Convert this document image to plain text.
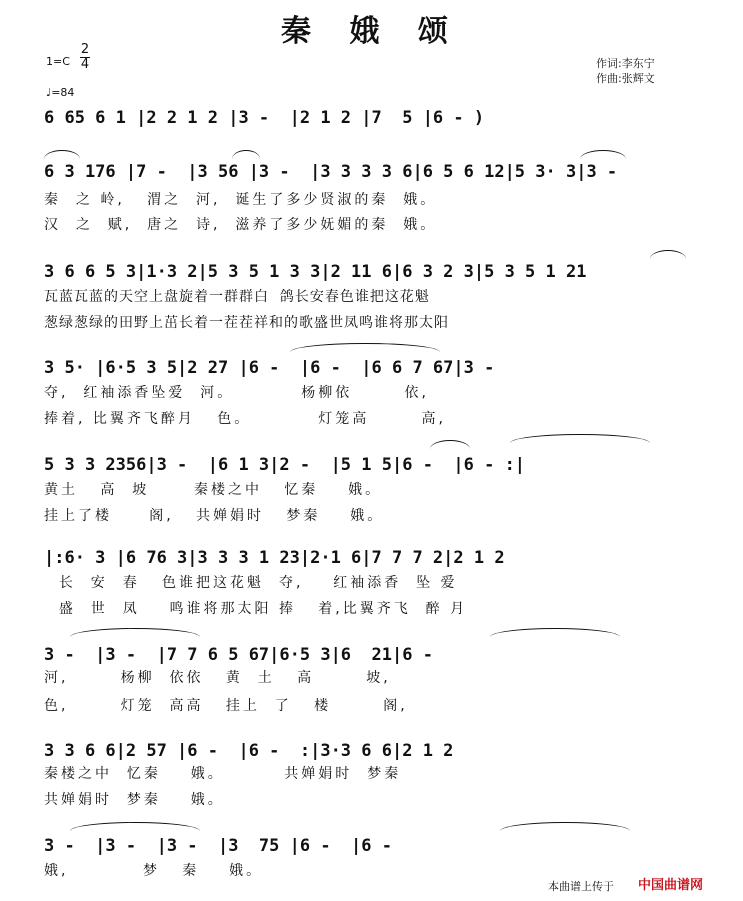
秦 娥 颂
1=C
2
4
♩=84
作词:李东宁
作曲:张辉文
6 65 6 1 |2 2 1 2 |3 -  |2 1 2 |7  5 |6 - )
6 3 176 |7 -  |3 56 |3 -  |3 3 3 3 6|6 5 6 12|5 3· 3|3 -
秦  之 岭,   渭之  河,  诞生了多少贤淑的秦  娥。
汉  之  赋,  唐之  诗,  滋养了多少妩媚的秦  娥。
3 6 6 5 3|1·3 2|5 3 5 1 3 3|2 11 6|6 3 2 3|5 3 5 1 21
瓦蓝瓦蓝的天空上盘旋着一群群白  鸽长安春色谁把这花魁
葱绿葱绿的田野上茁长着一茬茬祥和的歌盛世凤鸣谁将那太阳
3 5· |6·5 3 5|2 27 |6 -  |6 -  |6 6 7 67|3 -
夺,  红袖添香坠爱  河。         杨柳依       依,
捧着, 比翼齐飞醉月   色。         灯笼高       高,
5 3 3 2356|3 -  |6 1 3|2 -  |5 1 5|6 -  |6 - :|
黄土   高  坡      秦楼之中   忆秦    娥。
挂上了楼     阁,   共婵娟时   梦秦    娥。
|:6· 3 |6 76 3|3 3 3 1 23|2·1 6|7 7 7 2|2 1 2
长  安  春   色谁把这花魁  夺,    红袖添香  坠 爱
盛  世  凤    鸣谁将那太阳 捧   着,比翼齐飞  醉 月
3 -  |3 -  |7 7 6 5 67|6·5 3|6  21|6 -
河,       杨柳  依依   黄  土   高       坡,
色,       灯笼  高高   挂上  了   楼       阁,
3 3 6 6|2 57 |6 -  |6 -  :|3·3 6 6|2 1 2
秦楼之中  忆秦    娥。        共婵娟时  梦秦
共婵娟时  梦秦    娥。
3 -  |3 -  |3 -  |3  75 |6 -  |6 -
娥,          梦   秦    娥。
本曲谱上传于 中国曲谱网
